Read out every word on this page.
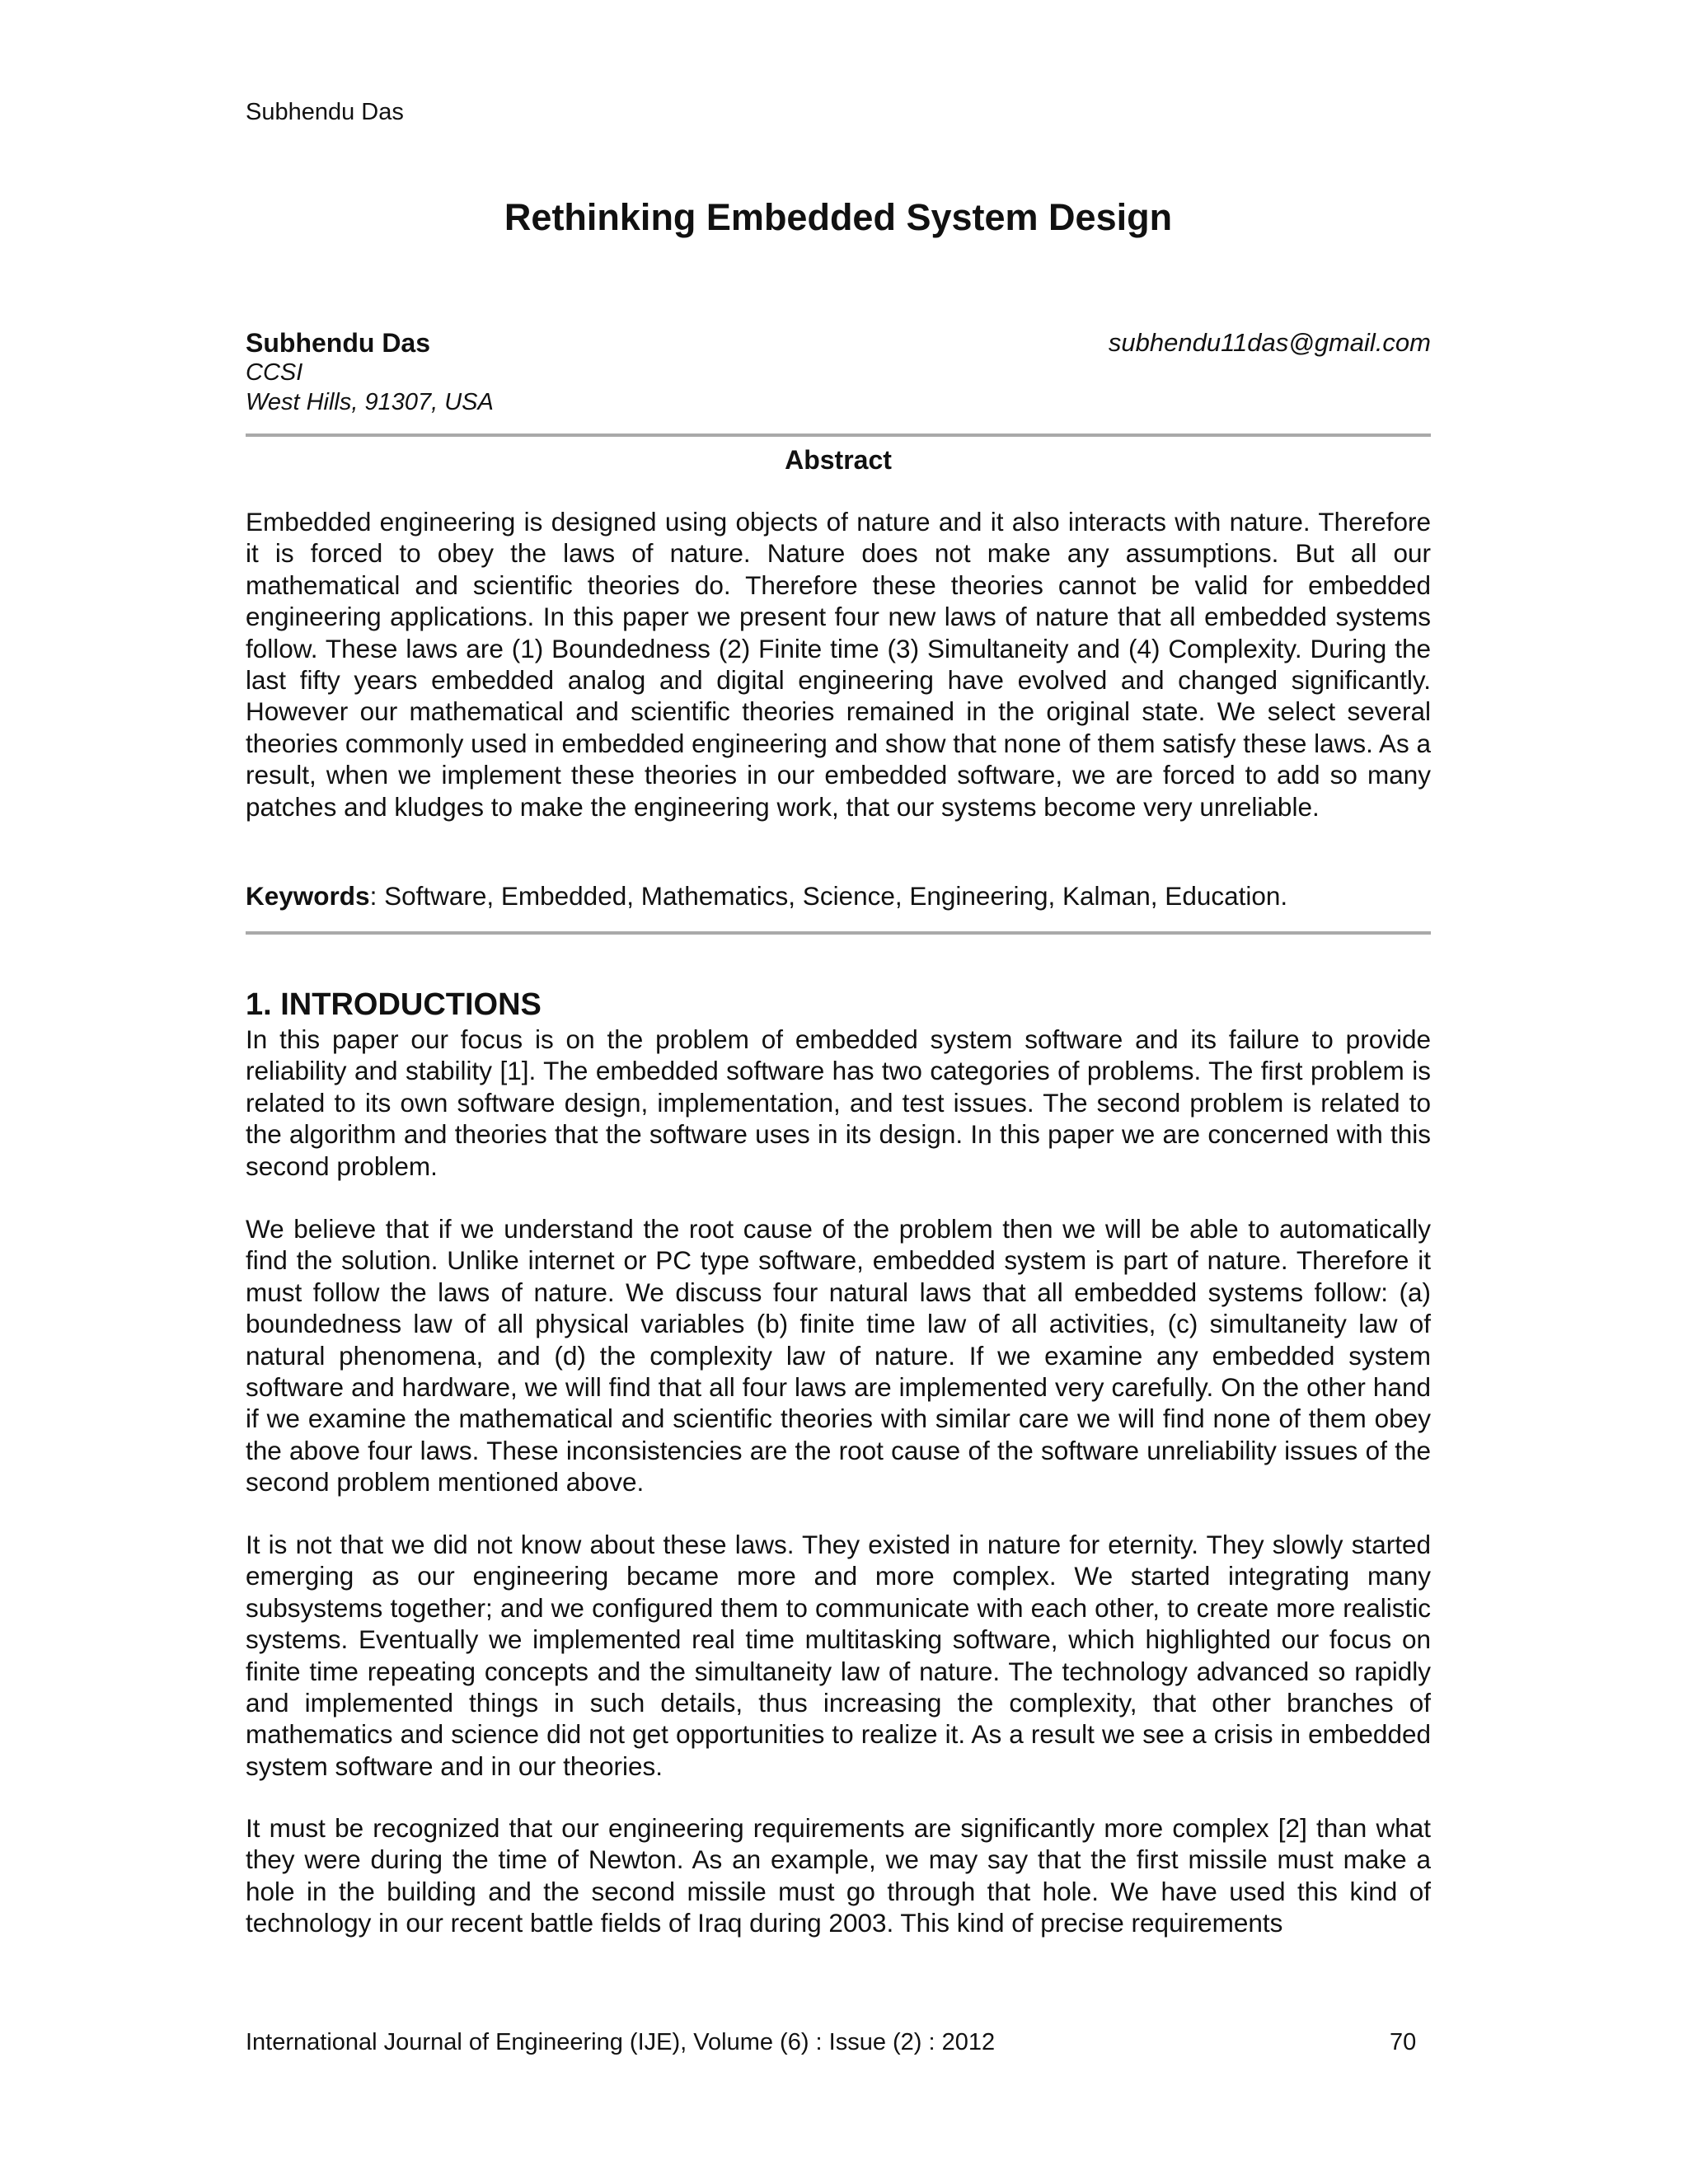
Subhendu Das
Rethinking Embedded System Design
Subhendu Das
CCSI
West Hills, 91307, USA
subhendu11das@gmail.com
Abstract

Embedded engineering is designed using objects of nature and it also interacts with nature. Therefore it is forced to obey the laws of nature. Nature does not make any assumptions. But all our mathematical and scientific theories do. Therefore these theories cannot be valid for embedded engineering applications. In this paper we present four new laws of nature that all embedded systems follow. These laws are (1) Boundedness (2) Finite time (3) Simultaneity and (4) Complexity. During the last fifty years embedded analog and digital engineering have evolved and changed significantly. However our mathematical and scientific theories remained in the original state. We select several theories commonly used in embedded engineering and show that none of them satisfy these laws. As a result, when we implement these theories in our embedded software, we are forced to add so many patches and kludges to make the engineering work, that our systems become very unreliable.

Keywords: Software, Embedded, Mathematics, Science, Engineering, Kalman, Education.

1. INTRODUCTIONS

In this paper our focus is on the problem of embedded system software and its failure to provide reliability and stability [1]. The embedded software has two categories of problems. The first problem is related to its own software design, implementation, and test issues. The second problem is related to the algorithm and theories that the software uses in its design. In this paper we are concerned with this second problem.

We believe that if we understand the root cause of the problem then we will be able to automatically find the solution. Unlike internet or PC type software, embedded system is part of nature. Therefore it must follow the laws of nature. We discuss four natural laws that all embedded systems follow: (a) boundedness law of all physical variables (b) finite time law of all activities, (c) simultaneity law of natural phenomena, and (d) the complexity law of nature. If we examine any embedded system software and hardware, we will find that all four laws are implemented very carefully. On the other hand if we examine the mathematical and scientific theories with similar care we will find none of them obey the above four laws. These inconsistencies are the root cause of the software unreliability issues of the second problem mentioned above.

It is not that we did not know about these laws. They existed in nature for eternity. They slowly started emerging as our engineering became more and more complex. We started integrating many subsystems together; and we configured them to communicate with each other, to create more realistic systems. Eventually we implemented real time multitasking software, which highlighted our focus on finite time repeating concepts and the simultaneity law of nature. The technology advanced so rapidly and implemented things in such details, thus increasing the complexity, that other branches of mathematics and science did not get opportunities to realize it. As a result we see a crisis in embedded system software and in our theories.

It must be recognized that our engineering requirements are significantly more complex [2] than what they were during the time of Newton. As an example, we may say that the first missile must make a hole in the building and the second missile must go through that hole. We have used this kind of technology in our recent battle fields of Iraq during 2003. This kind of precise requirements

International Journal of Engineering (IJE), Volume (6) : Issue (2) : 2012	70
